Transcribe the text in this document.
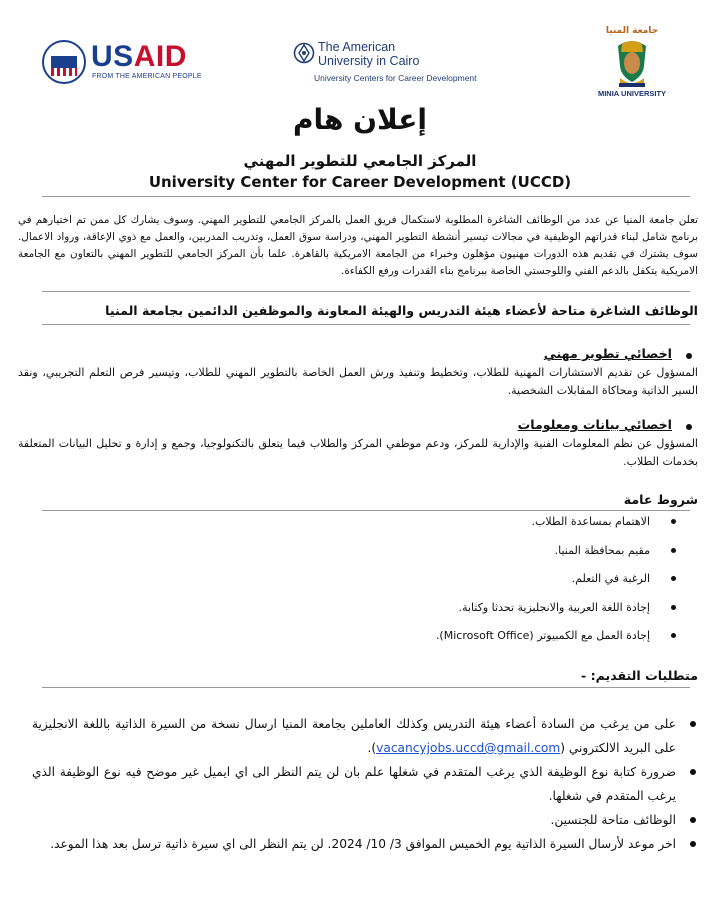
USAID
FROM THE AMERICAN PEOPLE
The American
University in Cairo
University Centers for Career Development
جامعة المنيا
MINIA UNIVERSITY
إعلان هام
المركز الجامعي للتطوير المهني
University Center for Career Development (UCCD)

تعلن جامعة المنيا عن عدد من الوظائف الشاغرة المطلوبة لاستكمال فريق العمل بالمركز الجامعي للتطوير المهني. وسوف يشارك كل ممن تم اختيارهم في برنامج شامل لبناء قدراتهم الوظيفية في مجالات تيسير أنشطة التطوير المهني، ودراسة سوق العمل، وتدريب المدربين، والعمل مع ذوي الإعاقة، ورواد الاعمال. سوف يشترك في تقديم هذه الدورات مهنيون مؤهلون وخبراء من الجامعة الامريكية بالقاهرة. علما بأن المركز الجامعي للتطوير المهني بالتعاون مع الجامعة الامريكية يتكفل بالدعم الفني واللوجستي الخاصة ببرنامج بناء القدرات ورفع الكفاءة.

الوظائف الشاغرة متاحة لأعضاء هيئة التدريس والهيئة المعاونة والموظفين الدائمين بجامعة المنيا
اخصائي تطوير مهني

المسؤول عن تقديم الاستشارات المهنية للطلاب، وتخطيط وتنفيذ ورش العمل الخاصة بالتطوير المهني للطلاب، وتيسير فرص التعلم التجريبي، ونقد السير الذاتية ومحاكاة المقابلات الشخصية.

اخصائي بيانات ومعلومات

المسؤول عن نظم المعلومات الفنية والإدارية للمركز، ودعم موظفي المركز والطلاب فيما يتعلق بالتكنولوجيا، وجمع و إدارة و تحليل البيانات المتعلقة بخدمات الطلاب.

شروط عامة
الاهتمام بمساعدة الطلاب.
مقيم بمحافظة المنيا.
الرغبة في التعلم.
إجادة اللغة العربية والانجليزية تحدثا وكتابة.
إجادة العمل مع الكمبيوتر (Microsoft Office).
متطلبات التقديم: -
على من يرغب من السادة أعضاء هيئة التدريس وكذلك العاملين بجامعة المنيا ارسال نسخة من السيرة الذاتية باللغة الانجليزية على البريد الالكتروني (vacancyjobs.uccd@gmail.com).
ضرورة كتابة نوع الوظيفة الذي يرغب المتقدم في شغلها علم بان لن يتم النظر الى اي ايميل غير موضح فيه نوع الوظيفة الذي يرغب المتقدم في شغلها.
الوظائف متاحة للجنسين.
اخر موعد لأرسال السيرة الذاتية يوم الخميس الموافق 3/ 10/ 2024. لن يتم النظر الى اي سيرة ذاتية ترسل بعد هذا الموعد.
